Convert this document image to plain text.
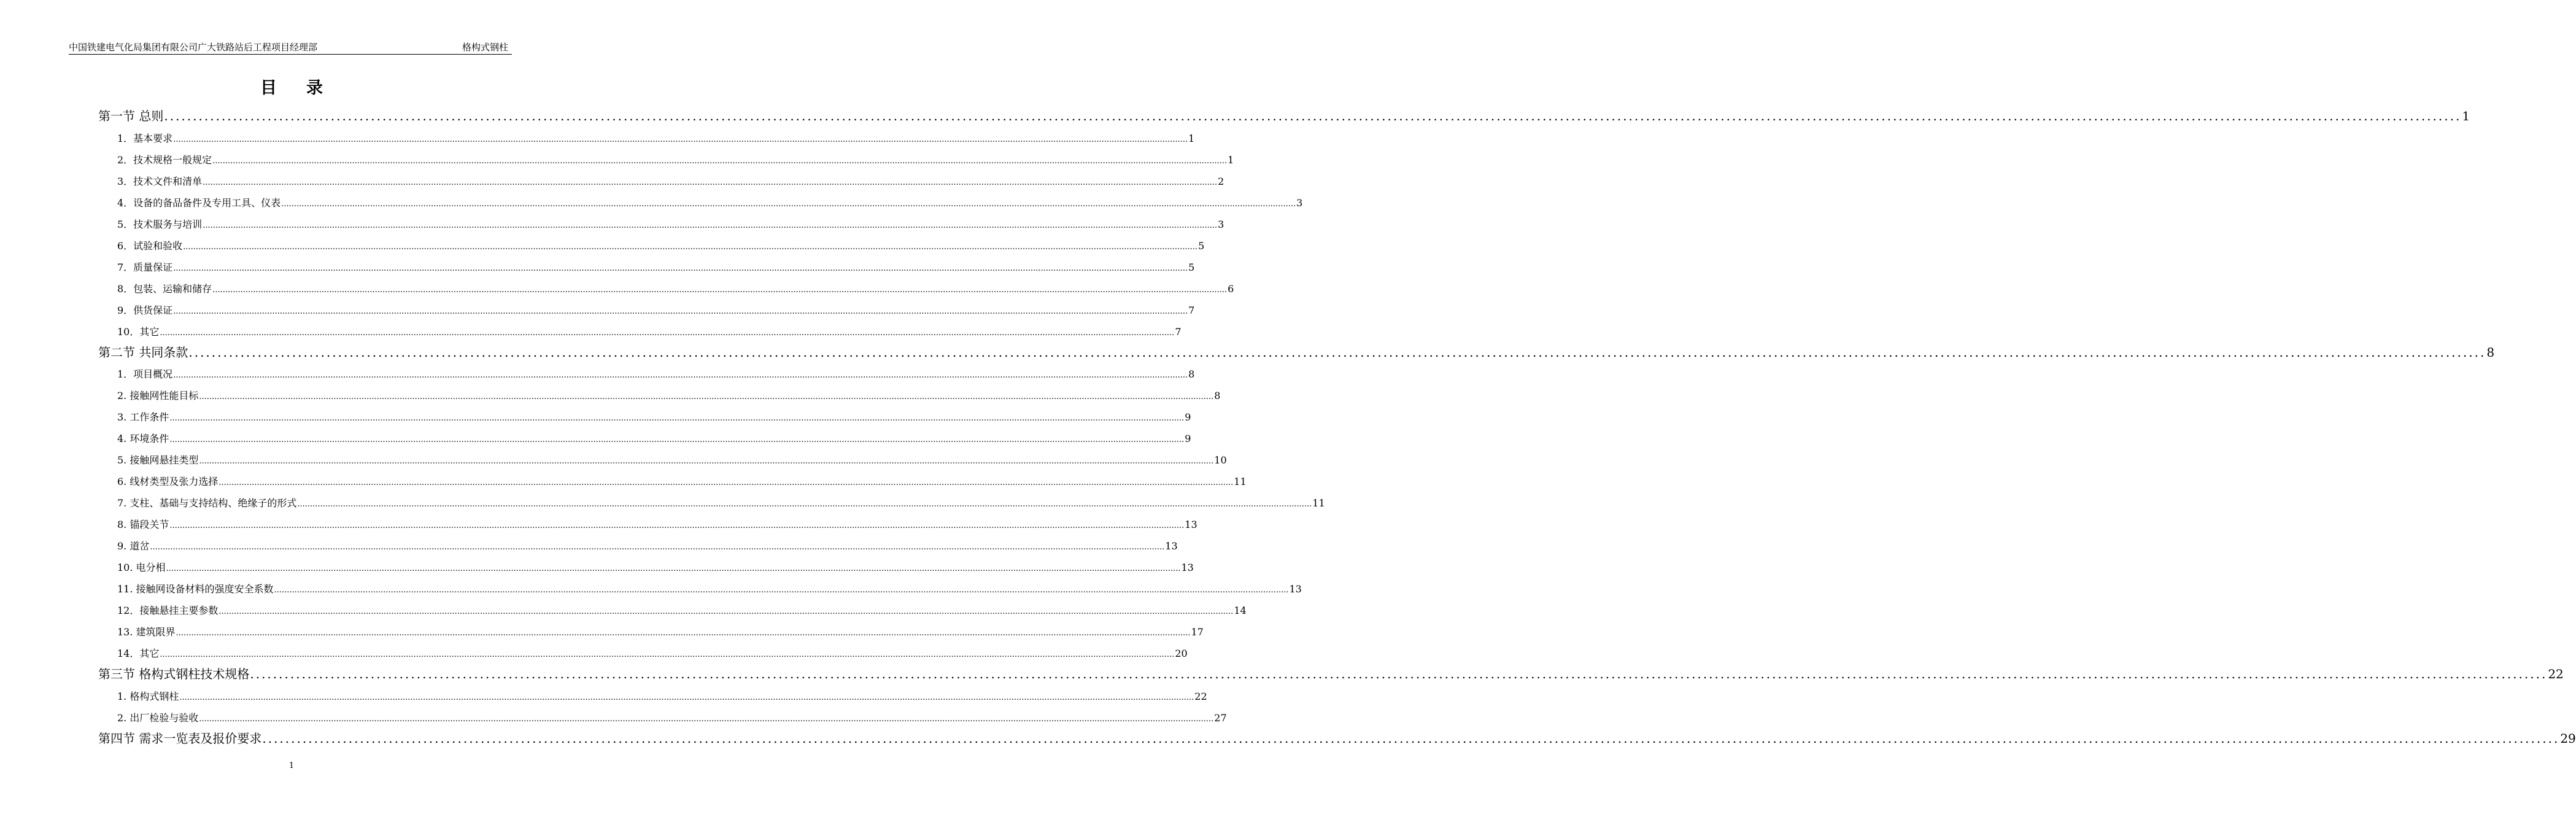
中国铁建电气化局集团有限公司广大铁路站后工程项目经理部	格构式钢柱
目录
第一节 总则 ................................................................................................................................................................................................................................................................................................................................................................................................................ 1
1．基本要求 ................................................................................................................................................................................................................................................................................................................................................................................................................ 1
2．技术规格一般规定 ................................................................................................................................................................................................................................................................................................................................................................................................................ 1
3．技术文件和清单 ................................................................................................................................................................................................................................................................................................................................................................................................................ 2
4．设备的备品备件及专用工具、仪表 ................................................................................................................................................................................................................................................................................................................................................................................................................ 3
5．技术服务与培训 ................................................................................................................................................................................................................................................................................................................................................................................................................ 3
6．试验和验收 ................................................................................................................................................................................................................................................................................................................................................................................................................ 5
7．质量保证 ................................................................................................................................................................................................................................................................................................................................................................................................................ 5
8．包装、运输和储存 ................................................................................................................................................................................................................................................................................................................................................................................................................ 6
9．供货保证 ................................................................................................................................................................................................................................................................................................................................................................................................................ 7
10．其它 ................................................................................................................................................................................................................................................................................................................................................................................................................ 7
第二节 共同条款 ................................................................................................................................................................................................................................................................................................................................................................................................................ 8
1．项目概况 ................................................................................................................................................................................................................................................................................................................................................................................................................ 8
2. 接触网性能目标 ................................................................................................................................................................................................................................................................................................................................................................................................................ 8
3. 工作条件 ................................................................................................................................................................................................................................................................................................................................................................................................................ 9
4. 环境条件 ................................................................................................................................................................................................................................................................................................................................................................................................................ 9
5. 接触网悬挂类型 ................................................................................................................................................................................................................................................................................................................................................................................................................ 10
6. 线材类型及张力选择 ................................................................................................................................................................................................................................................................................................................................................................................................................ 11
7. 支柱、基础与支持结构、绝缘子的形式 ................................................................................................................................................................................................................................................................................................................................................................................................................ 11
8. 锚段关节 ................................................................................................................................................................................................................................................................................................................................................................................................................ 13
9. 道岔 ................................................................................................................................................................................................................................................................................................................................................................................................................ 13
10. 电分相 ................................................................................................................................................................................................................................................................................................................................................................................................................ 13
11. 接触网设备材料的强度安全系数 ................................................................................................................................................................................................................................................................................................................................................................................................................ 13
12．接触悬挂主要参数 ................................................................................................................................................................................................................................................................................................................................................................................................................ 14
13. 建筑限界 ................................................................................................................................................................................................................................................................................................................................................................................................................ 17
14．其它 ................................................................................................................................................................................................................................................................................................................................................................................................................ 20
第三节 格构式钢柱技术规格 ................................................................................................................................................................................................................................................................................................................................................................................................................ 22
1. 格构式钢柱 ................................................................................................................................................................................................................................................................................................................................................................................................................ 22
2. 出厂检验与验收 ................................................................................................................................................................................................................................................................................................................................................................................................................ 27
第四节 需求一览表及报价要求 ................................................................................................................................................................................................................................................................................................................................................................................................................ 29
1
